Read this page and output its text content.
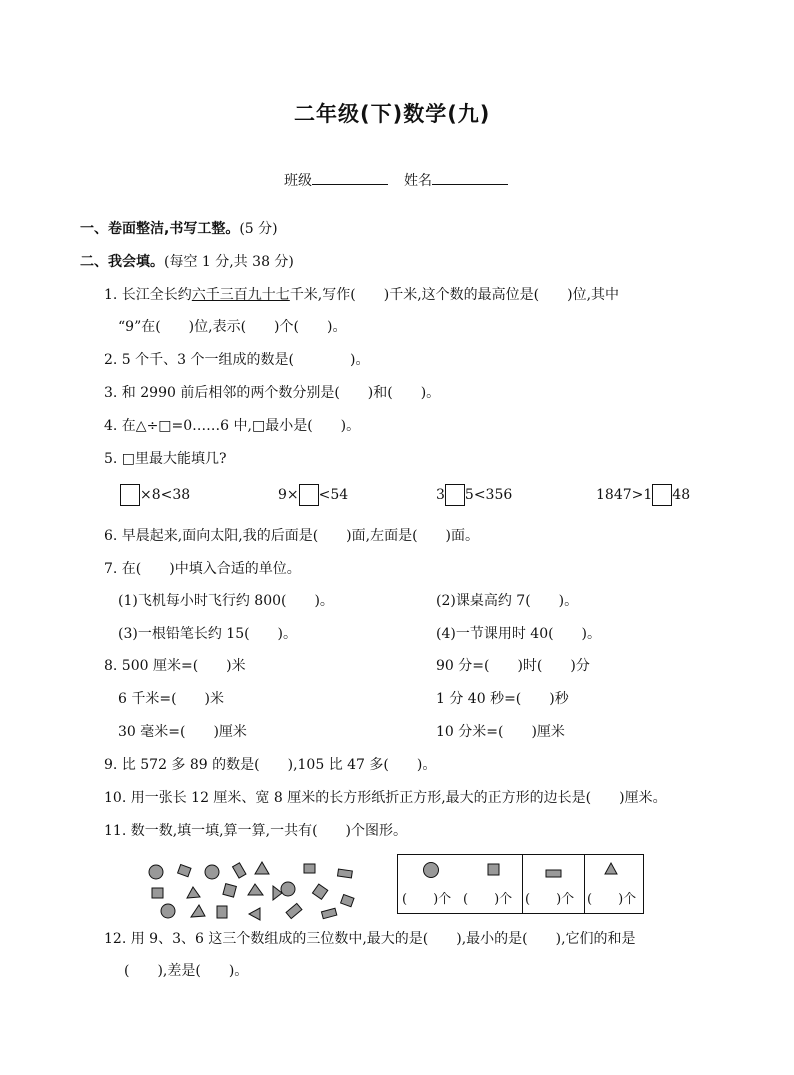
二年级(下)数学(九)
班级	姓名
一、卷面整洁,书写工整。(5 分)
二、我会填。(每空 1 分,共 38 分)
1. 长江全长约六千三百九十七千米,写作( )千米,这个数的最高位是( )位,其中
“9”在(　　)位,表示(　　)个(　　)。
2. 5 个千、3 个一组成的数是(　　　　)。
3. 和 2990 前后相邻的两个数分别是(　　)和(　　)。
4. 在△÷□=0……6 中,□最小是(　　)。
5. □里最大能填几?
×8<38	9× <54	3 5<356	1847>1 48
6. 早晨起来,面向太阳,我的后面是(　　)面,左面是(　　)面。
7. 在(　　)中填入合适的单位。
(1)飞机每小时飞行约 800(　　)。	(2)课桌高约 7(　　)。
(3)一根铅笔长约 15(　　)。	(4)一节课用时 40(　　)。
8. 500 厘米=(　　)米	90 分=(　　)时(　　)分
6 千米=(　　)米	1 分 40 秒=(　　)秒
30 毫米=(　　)厘米	10 分米=(　　)厘米
9. 比 572 多 89 的数是(　　),105 比 47 多(　　)。
10. 用一张长 12 厘米、宽 8 厘米的长方形纸折正方形,最大的正方形的边长是(　　)厘米。
11. 数一数,填一填,算一算,一共有(　　)个图形。
(　　)个 (　　)个 (　　)个 (　　)个
12. 用 9、3、6 这三个数组成的三位数中,最大的是(　　),最小的是(　　),它们的和是
(　　),差是(　　)。
